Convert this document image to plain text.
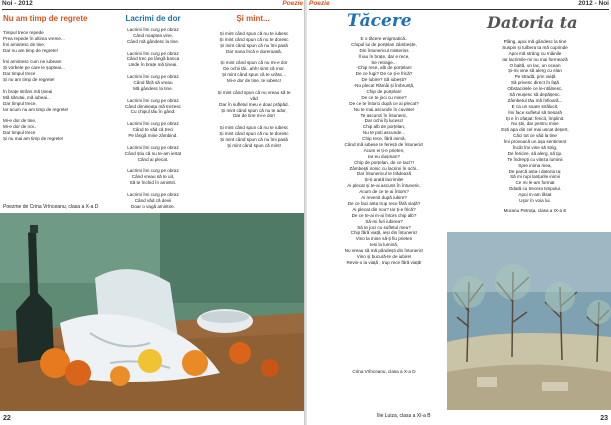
Noi - 2012	Poezie
Nu am timp de regrete
Timpul trece repede
Prea repede în ultima vreme...
Îmi amintesc de tine,
Dar nu am timp de regrete!
Îmi amintesc cum ne iubeam
Și vorbele pe care le șopteai...
Dar timpul trece
Și nu am timp de regrete!
În brațe strâns mă țineai
Mă sărutai, mă iubeai...
Dar timpul trece,
Iar acum nu am timp de regrete!
Mi-e dor de tine,
Mi-e dor de noi..
Dar timpul trece
Și nu mai am timp de regrete!
Lacrimi de dor
Lacrimi îmi curg pe obraz
Când noaptea vine,
Când mă gândesc la tine.
Lacrimi îmi curg pe obraz
Când trec pe lângă banca
Unde în brațe mă țineai.
Lacrimi îmi curg pe obraz
Când fără să vreau
Mă gândesc la tine.
Lacrimi îmi curg pe obraz
Când dimineața mă trezesc
Cu chipul tău în gând.
Lacrimi îmi curg pe obraz
Când te văd că treci
Pe lângă mine zâmbind.
Lacrimi îmi curg pe obraz
Când știu că nu te-am iertat
Când ai plecat.
Lacrimi îmi curg pe obraz
Când vreau să te uit,
Să te închid în amintiri.
Lacrimi îmi curg pe obraz
Când văd că devii
Doar o vagă amintire.
Și mint...
Și mint când spun că nu te iubesc
Și mint când spun că nu te doresc
Și mint când spun că nu îmi pasă
Dar nana încă e dureroasă.
Și mint când spun că nu mi-e dor
De ochii tăi...ahh! simt că mor.
Și mint când spun că te urăsc...
Mi-e dor de tine, te iubesc!
Și mint când spun că nu vreau să te
văd
Dar în sufletul meu e doar prăpăd.
Și mint când spun că nu te ador,
Dar de tine mi-e dor!
Și mint când spun că nu te iubesc
Și mint când spun că nu te doresc
Și mint când spun că nu îmi pasă
Și mint când spun că mint!
Poezme de Crina Vrînceanu, clasa a X-a D
22
Poezie	2012 - Noi
Tăcere
E o tăcere enigmatică..
Chipul lui de porțelan zâmbește,
Din întunericul misterios
Îl iau în brațe, dar e rece,
Se retrage...
-Chip rece, alb de porțelan!
De ce fugi? De ce ți-e frică?
De iubire? Să iubești?
-Nu pleca! Rămâi și îmbrunță,
Chip de porțelan!
De ce te joci cu mine?
De ce te întorci după ce ai plecat?
Nu te mai ascunde în cuvinte!
Te ascunzi în întuneric,
Dar ochii îți lucesc!
Chip alb de porțelan,
Nu te poti ascunde...
Chip rece, fără inimă,
Când mă iubese te ferești de întuneric!
Acum ei ți-e prieten,
Iar eu dușman?
Chip de porțelan, de ce taci?!
Zâmbești ironic cu lacrimi în ochi..
Dar întunericul te trădează
Și-ți arată lacrimile!
Ai plecat și te-ai ascuns în întuneric.
Acum de ce te ai întors?
Ai revenit după iubire?
De ce faci asta trup rece fără viață?
Ai plecat din nou? Iar ți-e frică?
De ce te-ai m-ai întors chip alb?
Să-mi furi iubirea?
Să te joci cu sufletul meu?
Chip fără viață, ieși din întuneric!
Vino la mine să-ți fiu prieten
Iesi la lumină,
Nu vreau să mă pândești din întuneric!
Vino și bucură-te de iubire!
Revin-o la viață , trup rece fără viață!
Crina Vrînceanu, clasa a X-a D
Datoria ta
Plâng, apoi mă gândesc la tine
Suspin și tulbera ta mă cuprinde
Apoi mă strâng cu mâinile
Iar lacrimile-mi nu mai formează
O baltă, un lac, un ocean
Și-mi vine să alerg cu elan
Pe stradă, prin viață
Să privesc direct în față
Obstacolele ce le-ntâlnesc,
Să reușesc să depășesc.
Zâmbetul tău mă înfioară...
E ca un soare strălucit,
Îmi face sufletul să tresară
Și e în ofațiat: fericit, împlinit.
Nu știi, dar pentru mine
Ești apa din cel mai uscat deșert,
Căci tot ce văd la tine
Îmi provoacă un așa sentiment
Încât îmi vine să strig,
De fericire, să alerg, să țip.
Te îndrepți cu viteza luminii
Spre inima mea,
De parcă asta-i datoria ta:
Să mi rupi lanțurile inimii
Ce mi le-am format
Odată cu trecera timpului.
Apoi m-am lăsat
Uşor în voia lui.
Muranu Petruța, clasa a IX-a E
Ilie Luiza, clasa a XI-a B	23
